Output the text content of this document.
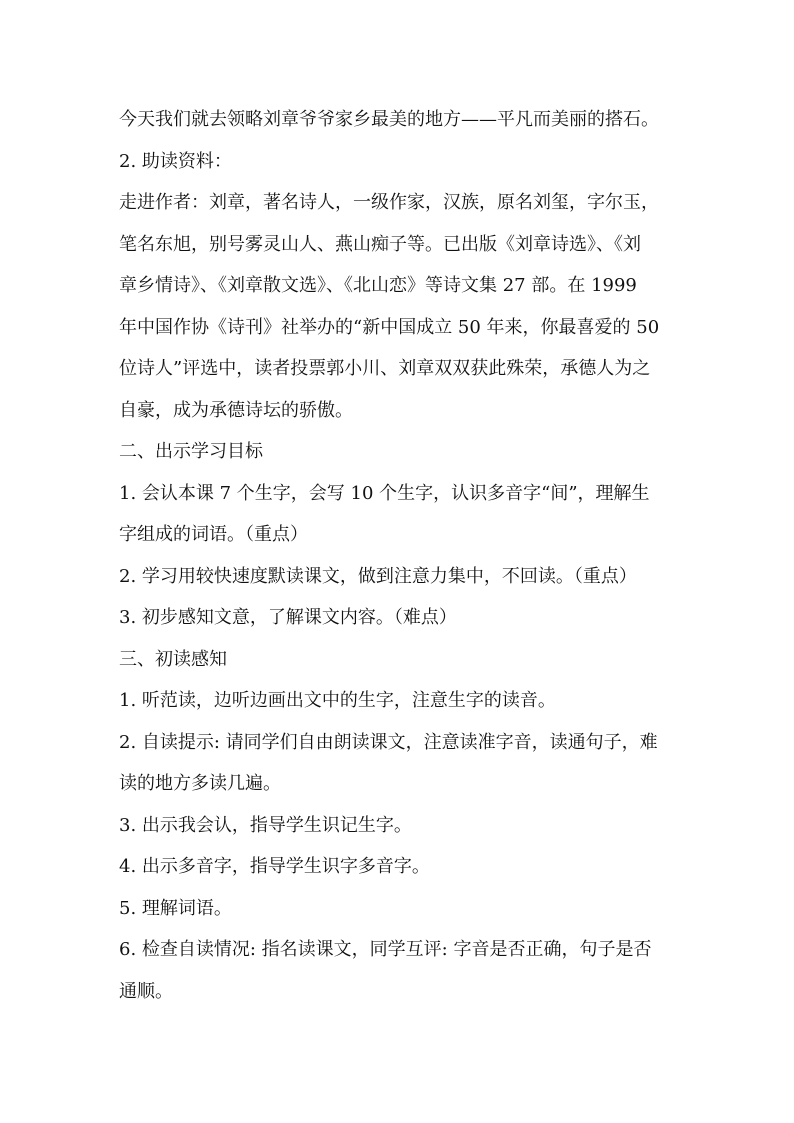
今天我们就去领略刘章爷爷家乡最美的地方——平凡而美丽的搭石。
2. 助读资料：
走进作者：刘章，著名诗人，一级作家，汉族，原名刘玺，字尔玉，
笔名东旭，别号雾灵山人、燕山痴子等。已出版《刘章诗选》、《刘
章乡情诗》、《刘章散文选》、《北山恋》等诗文集 27 部。在 1999
年中国作协《诗刊》社举办的“新中国成立 50 年来，你最喜爱的 50
位诗人”评选中，读者投票郭小川、刘章双双获此殊荣，承德人为之
自豪，成为承德诗坛的骄傲。
二、出示学习目标
1. 会认本课 7 个生字，会写 10 个生字，认识多音字“间”，理解生
字组成的词语。（重点）
2. 学习用较快速度默读课文，做到注意力集中，不回读。（重点）
3. 初步感知文意，了解课文内容。（难点）
三、初读感知
1. 听范读，边听边画出文中的生字，注意生字的读音。
2. 自读提示: 请同学们自由朗读课文，注意读准字音，读通句子，难
读的地方多读几遍。
3. 出示我会认，指导学生识记生字。
4. 出示多音字，指导学生识字多音字。
5. 理解词语。
6. 检查自读情况: 指名读课文，同学互评: 字音是否正确，句子是否
通顺。
